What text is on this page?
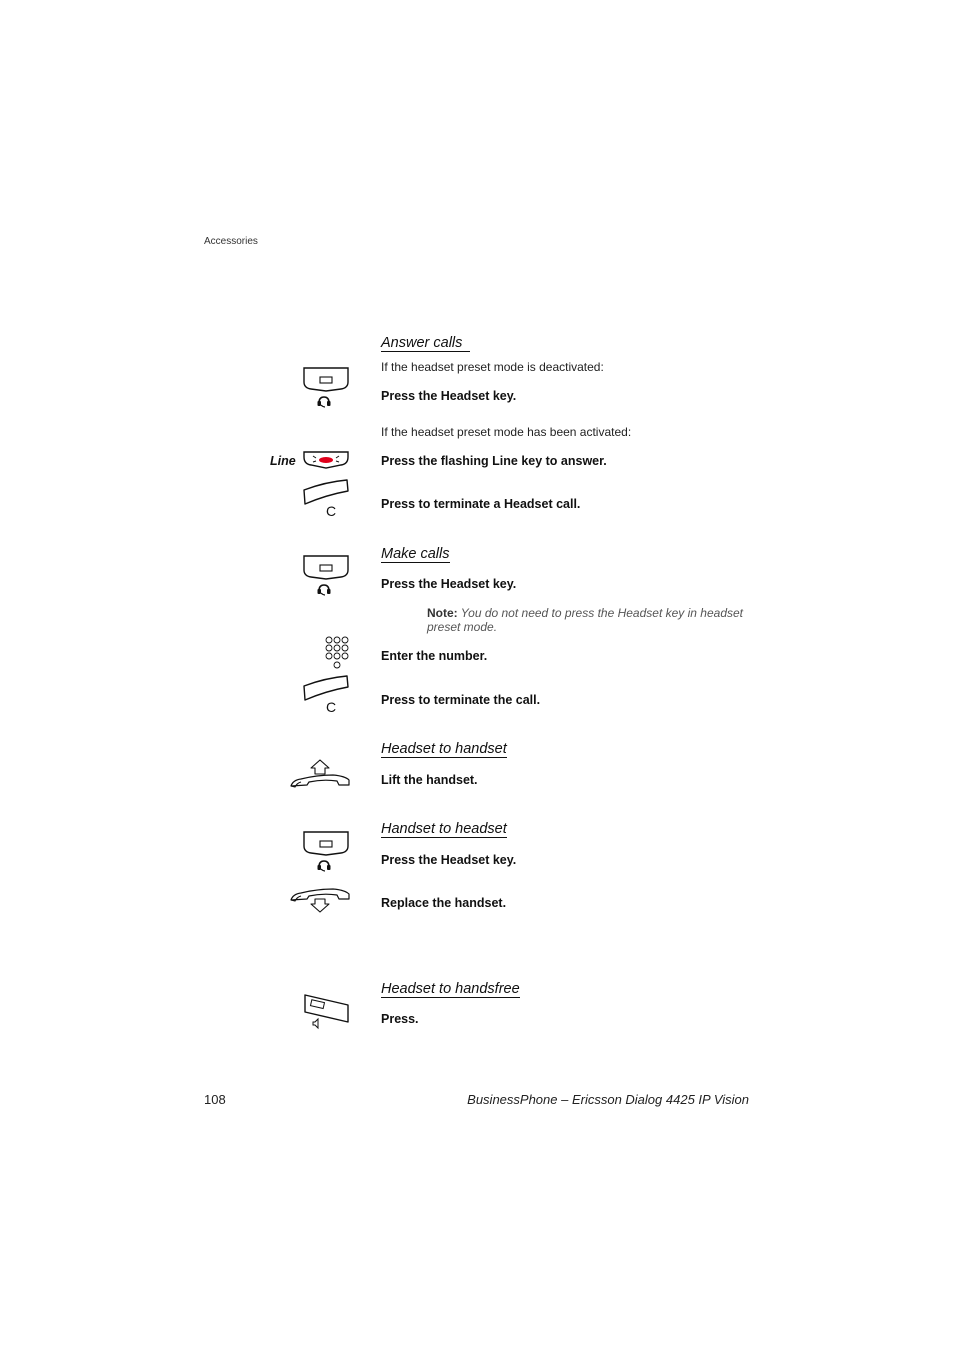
Accessories
Answer calls
If the headset preset mode is deactivated:
Press the Headset key.
If the headset preset mode has been activated:
Line	Press the flashing Line key to answer.
C	Press to terminate a Headset call.
Make calls
Press the Headset key.
Note: You do not need to press the Headset key in headset preset mode.
Enter the number.
C	Press to terminate the call.
Headset to handset
Lift the handset.
Handset to headset
Press the Headset key.
Replace the handset.
Headset to handsfree
Press.
108	BusinessPhone – Ericsson Dialog 4425 IP Vision
